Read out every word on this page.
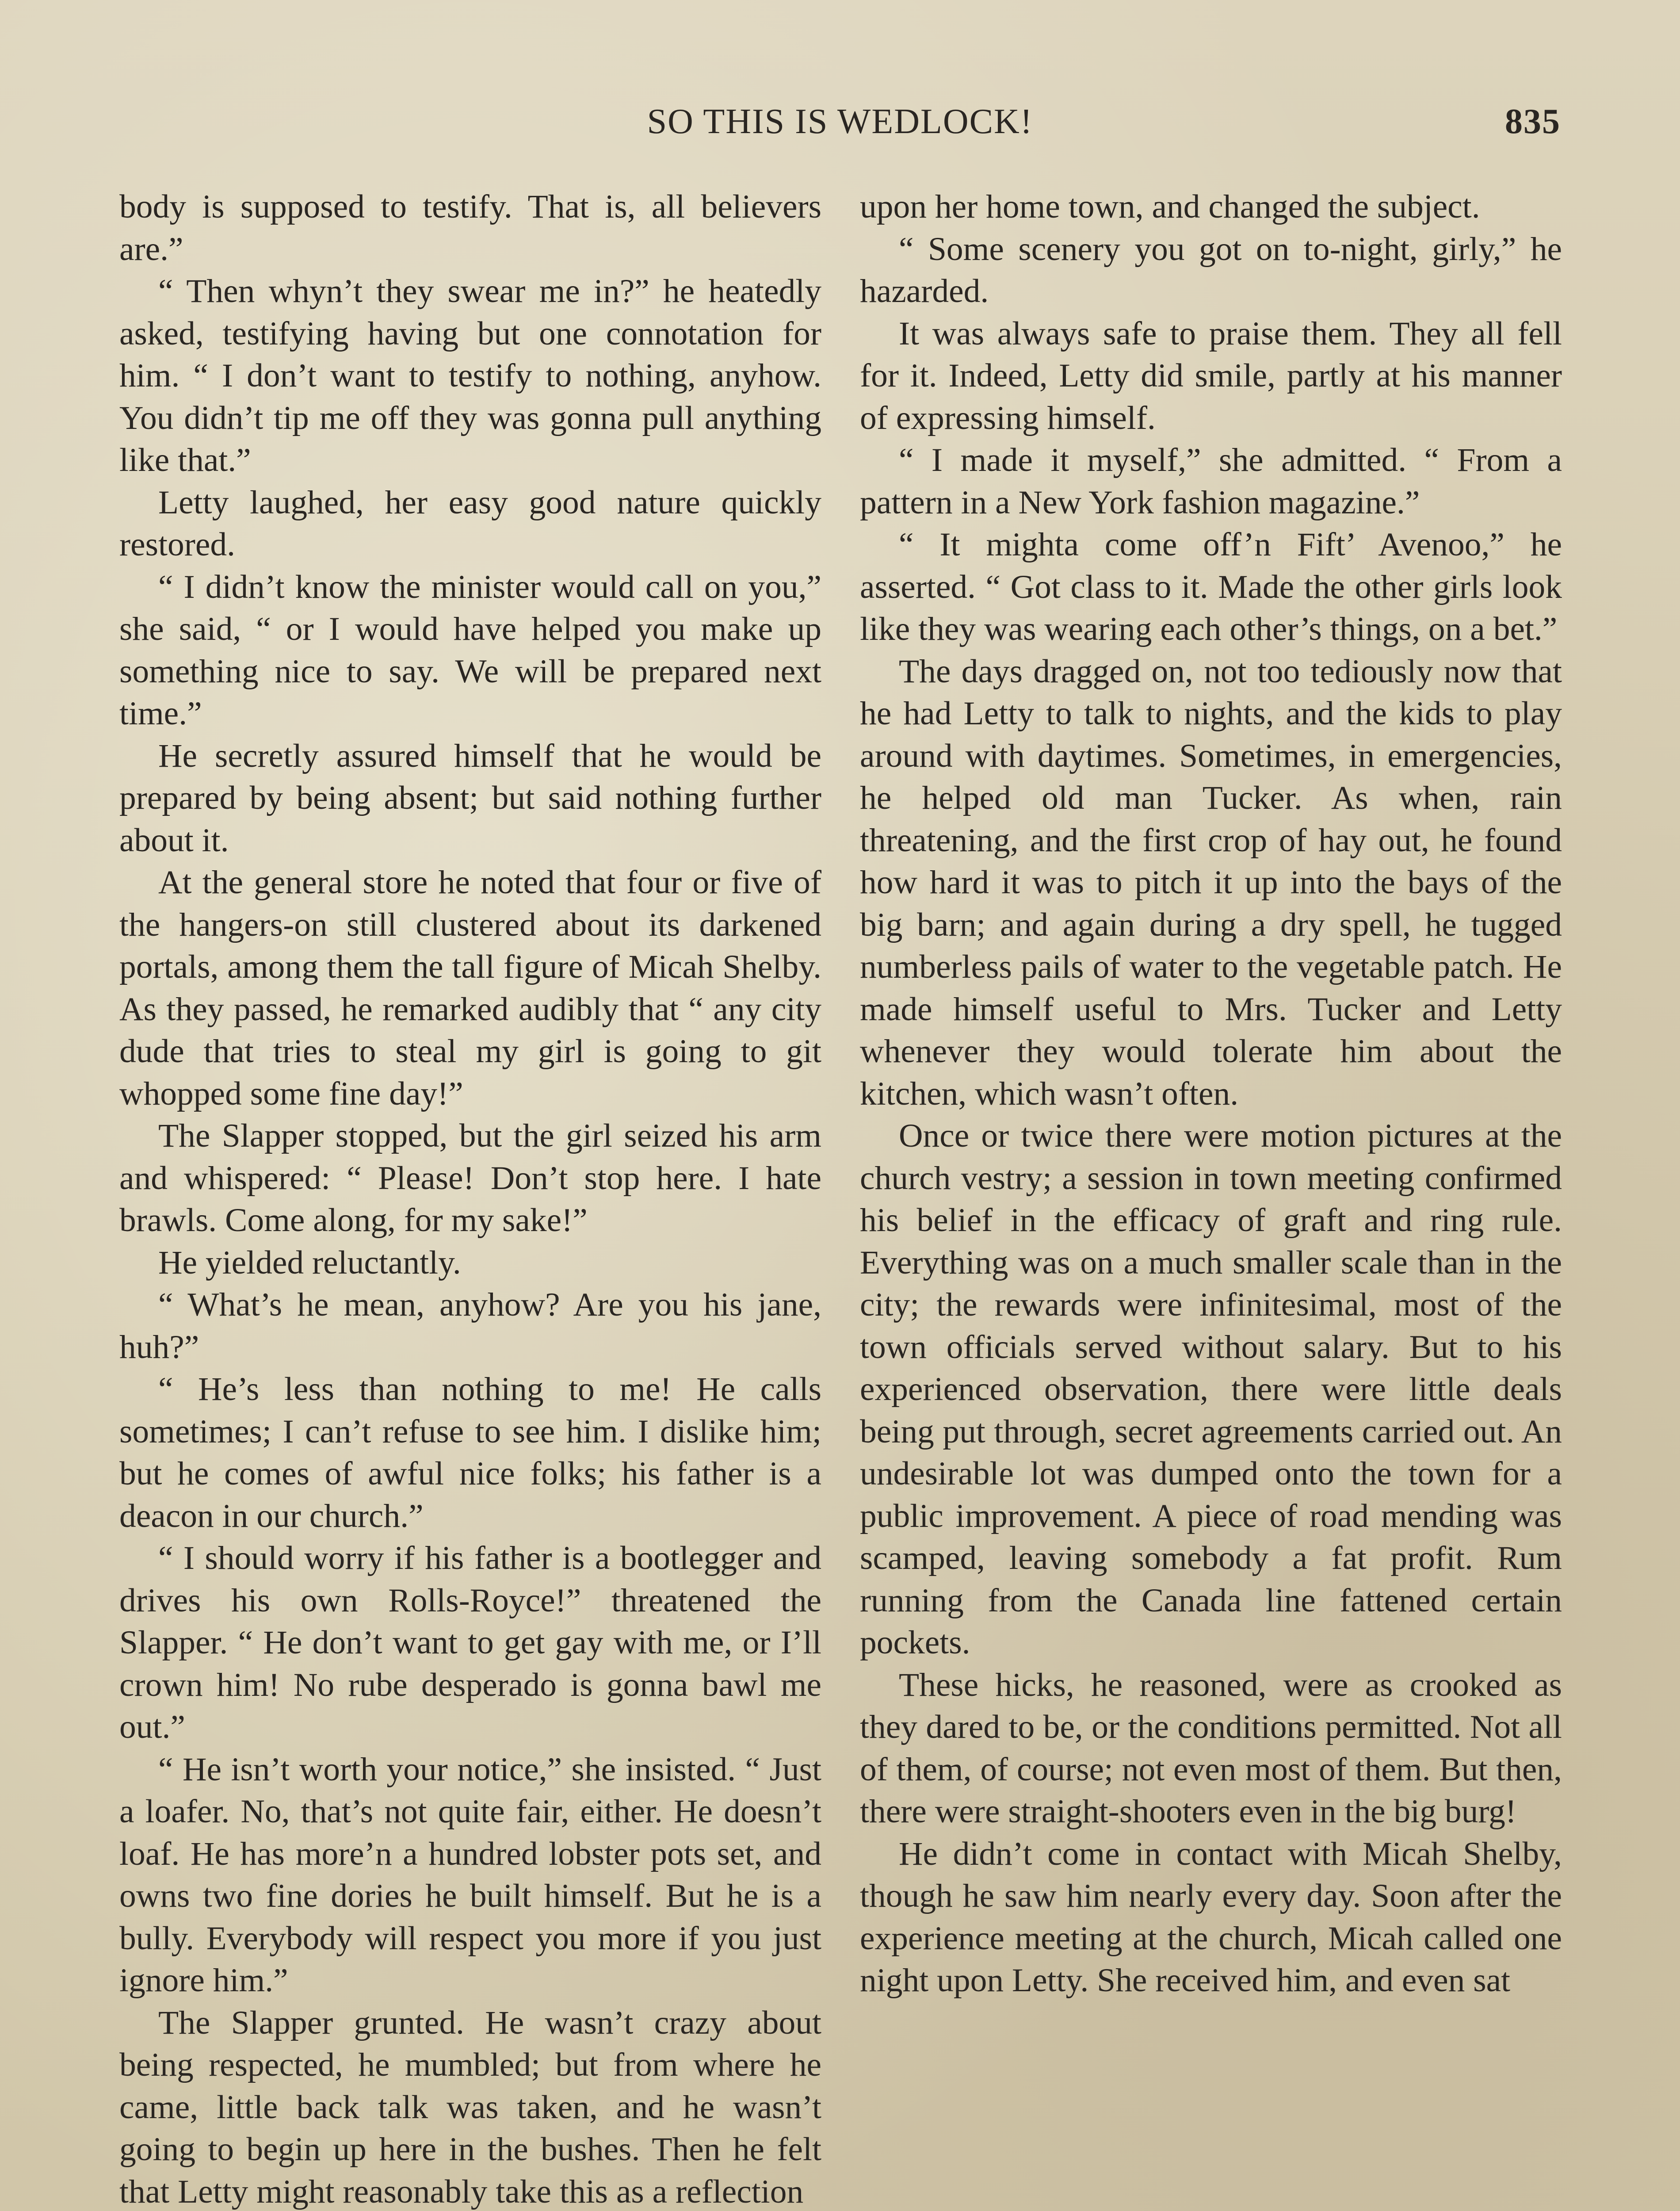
SO THIS IS WEDLOCK!	835

body is supposed to testify. That is, all believers are.”

“ Then whyn’t they swear me in?” he heatedly asked, testifying having but one connotation for him. “ I don’t want to testify to nothing, anyhow. You didn’t tip me off they was gonna pull anything like that.”

Letty laughed, her easy good nature quickly restored.

“ I didn’t know the minister would call on you,” she said, “ or I would have helped you make up something nice to say. We will be prepared next time.”

He secretly assured himself that he would be prepared by being absent; but said nothing further about it.

At the general store he noted that four or five of the hangers-on still clustered about its darkened portals, among them the tall figure of Micah Shelby. As they passed, he remarked audibly that “ any city dude that tries to steal my girl is going to git whopped some fine day!”

The Slapper stopped, but the girl seized his arm and whispered: “ Please! Don’t stop here. I hate brawls. Come along, for my sake!”

He yielded reluctantly.

“ What’s he mean, anyhow? Are you his jane, huh?”

“ He’s less than nothing to me! He calls sometimes; I can’t refuse to see him. I dislike him; but he comes of awful nice folks; his father is a deacon in our church.”

“ I should worry if his father is a bootlegger and drives his own Rolls-Royce!” threatened the Slapper. “ He don’t want to get gay with me, or I’ll crown him! No rube desperado is gonna bawl me out.”

“ He isn’t worth your notice,” she insisted. “ Just a loafer. No, that’s not quite fair, either. He doesn’t loaf. He has more’n a hundred lobster pots set, and owns two fine dories he built himself. But he is a bully. Everybody will respect you more if you just ignore him.”

The Slapper grunted. He wasn’t crazy about being respected, he mumbled; but from where he came, little back talk was taken, and he wasn’t going to begin up here in the bushes. Then he felt that Letty might reasonably take this as a reflection

upon her home town, and changed the subject.

“ Some scenery you got on to-night, girly,” he hazarded.

It was always safe to praise them. They all fell for it. Indeed, Letty did smile, partly at his manner of expressing himself.

“ I made it myself,” she admitted. “ From a pattern in a New York fashion magazine.”

“ It mighta come off’n Fift’ Avenoo,” he asserted. “ Got class to it. Made the other girls look like they was wearing each other’s things, on a bet.”

The days dragged on, not too tediously now that he had Letty to talk to nights, and the kids to play around with daytimes. Sometimes, in emergencies, he helped old man Tucker. As when, rain threatening, and the first crop of hay out, he found how hard it was to pitch it up into the bays of the big barn; and again during a dry spell, he tugged numberless pails of water to the vegetable patch. He made himself useful to Mrs. Tucker and Letty whenever they would tolerate him about the kitchen, which wasn’t often.

Once or twice there were motion pictures at the church vestry; a session in town meeting confirmed his belief in the efficacy of graft and ring rule. Everything was on a much smaller scale than in the city; the rewards were infinitesimal, most of the town officials served without salary. But to his experienced observation, there were little deals being put through, secret agreements carried out. An undesirable lot was dumped onto the town for a public improvement. A piece of road mending was scamped, leaving somebody a fat profit. Rum running from the Canada line fattened certain pockets.

These hicks, he reasoned, were as crooked as they dared to be, or the conditions permitted. Not all of them, of course; not even most of them. But then, there were straight-shooters even in the big burg!

He didn’t come in contact with Micah Shelby, though he saw him nearly every day. Soon after the experience meeting at the church, Micah called one night upon Letty. She received him, and even sat
